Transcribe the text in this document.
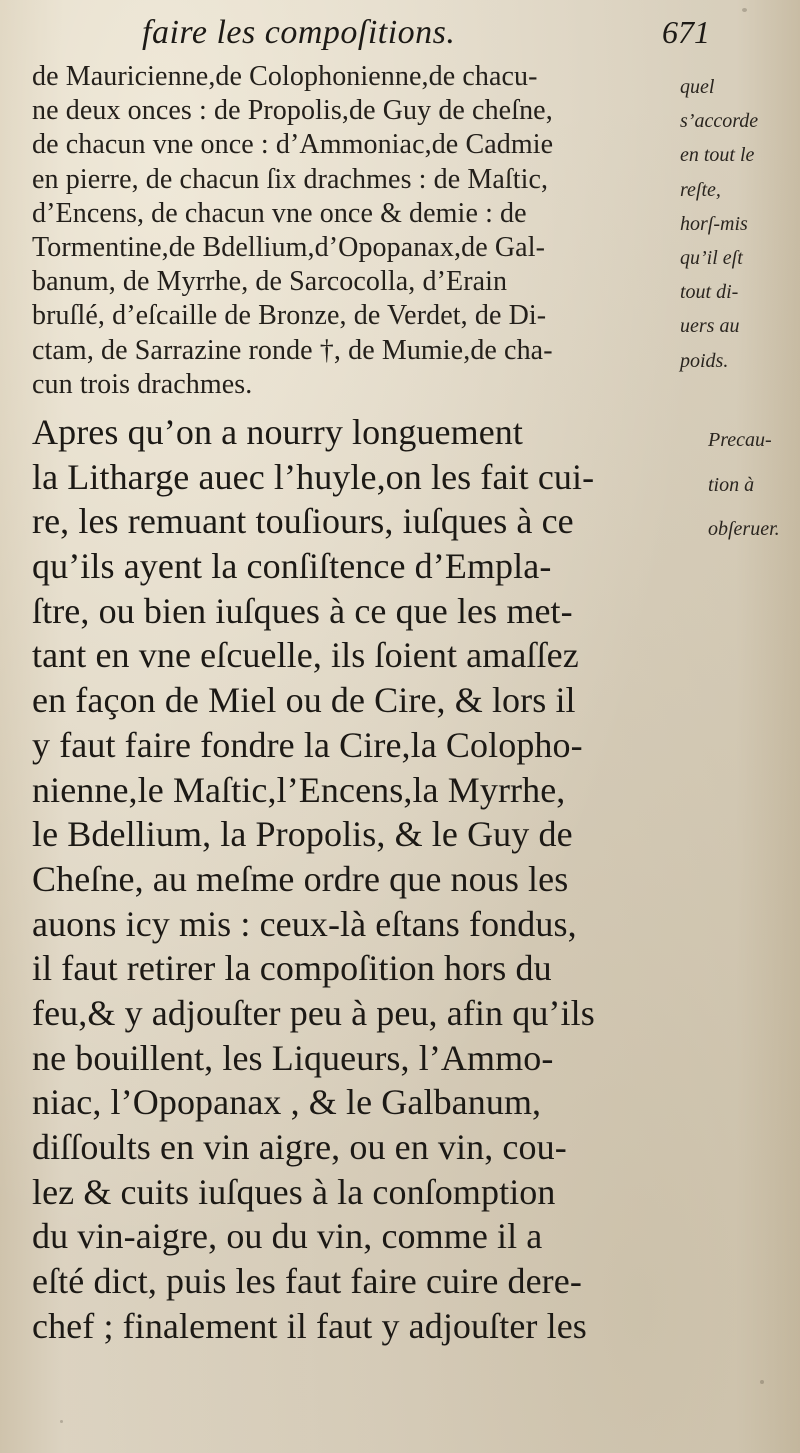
faire les compoſitions.	671
de Mauricienne,de Colophonienne,de chacu-
ne deux onces : de Propolis,de Guy de cheſne,
de chacun vne once : d’Ammoniac,de Cadmie
en pierre, de chacun ſix drachmes : de Maſtic,
d’Encens, de chacun vne once & demie : de
Tormentine,de Bdellium,d’Opopanax,de Gal-
banum, de Myrrhe, de Sarcocolla, d’Erain
bruſlé, d’eſcaille de Bronze, de Verdet, de Di-
ctam, de Sarrazine ronde †, de Mumie,de cha-
cun trois drachmes.
quel
s’accorde
en tout le
reſte,
horſ-mis
qu’il eſt
tout di-
uers au
poids.
Apres qu’on a nourry longuement
la Litharge auec l’huyle,on les fait cui-
re, les remuant touſiours, iuſques à ce
qu’ils ayent la conſiſtence d’Empla-
ſtre, ou bien iuſques à ce que les met-
tant en vne eſcuelle, ils ſoient amaſſez
en façon de Miel ou de Cire, & lors il
y faut faire fondre la Cire,la Colopho-
nienne,le Maſtic,l’Encens,la Myrrhe,
le Bdellium, la Propolis, & le Guy de
Cheſne, au meſme ordre que nous les
auons icy mis : ceux-là eſtans fondus,
il faut retirer la compoſition hors du
feu,& y adjouſter peu à peu, afin qu’ils
ne bouillent, les Liqueurs, l’Ammo-
niac, l’Opopanax , & le Galbanum,
diſſoults en vin aigre, ou en vin, cou-
lez & cuits iuſques à la conſomption
du vin-aigre, ou du vin, comme il a
eſté dict, puis les faut faire cuire dere-
chef ; finalement il faut y adjouſter les
Precau-
tion à
obſeruer.
